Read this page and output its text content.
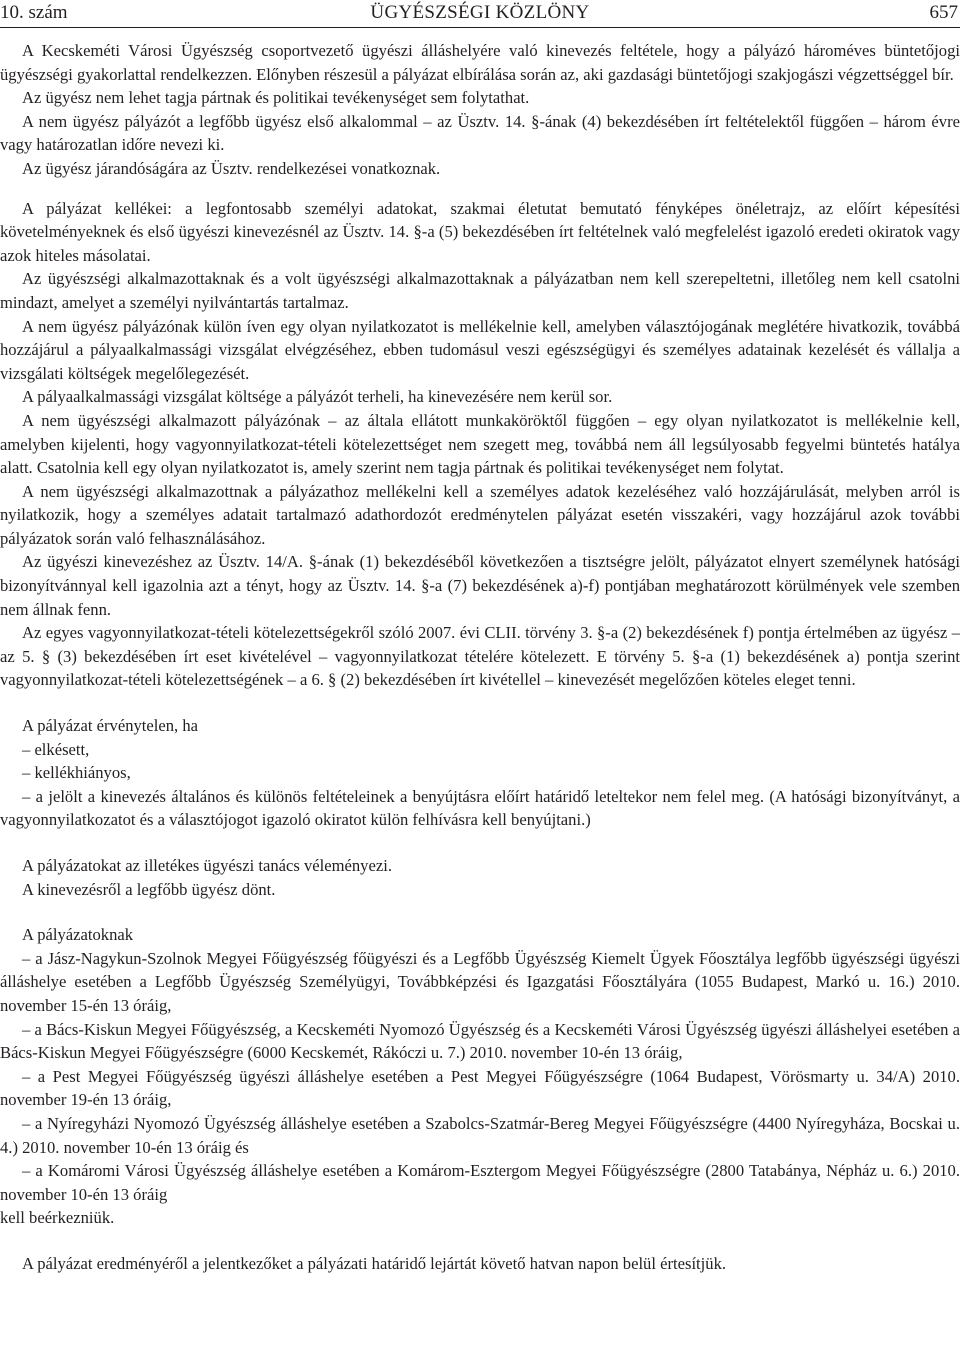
10. szám	ÜGYÉSZSÉGI KÖZLÖNY	657

A Kecskeméti Városi Ügyészség csoportvezető ügyészi álláshelyére való kinevezés feltétele, hogy a pályázó hároméves büntetőjogi ügyészségi gyakorlattal rendelkezzen. Előnyben részesül a pályázat elbírálása során az, aki gazdasági büntetőjogi szakjogászi végzettséggel bír.

Az ügyész nem lehet tagja pártnak és politikai tevékenységet sem folytathat.

A nem ügyész pályázót a legfőbb ügyész első alkalommal – az Üsztv. 14. §-ának (4) bekezdésében írt feltételektől függően – három évre vagy határozatlan időre nevezi ki.

Az ügyész járandóságára az Üsztv. rendelkezései vonatkoznak.

A pályázat kellékei: a legfontosabb személyi adatokat, szakmai életutat bemutató fényképes önéletrajz, az előírt képesítési követelményeknek és első ügyészi kinevezésnél az Üsztv. 14. §-a (5) bekezdésében írt feltételnek való megfelelést igazoló eredeti okiratok vagy azok hiteles másolatai.

Az ügyészségi alkalmazottaknak és a volt ügyészségi alkalmazottaknak a pályázatban nem kell szerepeltetni, illetőleg nem kell csatolni mindazt, amelyet a személyi nyilvántartás tartalmaz.

A nem ügyész pályázónak külön íven egy olyan nyilatkozatot is mellékelnie kell, amelyben választójogának meglétére hivatkozik, továbbá hozzájárul a pályaalkalmassági vizsgálat elvégzéséhez, ebben tudomásul veszi egészségügyi és személyes adatainak kezelését és vállalja a vizsgálati költségek megelőlegezését.

A pályaalkalmassági vizsgálat költsége a pályázót terheli, ha kinevezésére nem kerül sor.

A nem ügyészségi alkalmazott pályázónak – az általa ellátott munkaköröktől függően – egy olyan nyilatkozatot is mellékelnie kell, amelyben kijelenti, hogy vagyonnyilatkozat-tételi kötelezettséget nem szegett meg, továbbá nem áll legsúlyosabb fegyelmi büntetés hatálya alatt. Csatolnia kell egy olyan nyilatkozatot is, amely szerint nem tagja pártnak és politikai tevékenységet nem folytat.

A nem ügyészségi alkalmazottnak a pályázathoz mellékelni kell a személyes adatok kezeléséhez való hozzájárulását, melyben arról is nyilatkozik, hogy a személyes adatait tartalmazó adathordozót eredménytelen pályázat esetén visszakéri, vagy hozzájárul azok további pályázatok során való felhasználásához.

Az ügyészi kinevezéshez az Üsztv. 14/A. §-ának (1) bekezdéséből következően a tisztségre jelölt, pályázatot elnyert személynek hatósági bizonyítvánnyal kell igazolnia azt a tényt, hogy az Üsztv. 14. §-a (7) bekezdésének a)-f) pontjában meghatározott körülmények vele szemben nem állnak fenn.

Az egyes vagyonnyilatkozat-tételi kötelezettségekről szóló 2007. évi CLII. törvény 3. §-a (2) bekezdésének f) pontja értelmében az ügyész – az 5. § (3) bekezdésében írt eset kivételével – vagyonnyilatkozat tételére kötelezett. E törvény 5. §-a (1) bekezdésének a) pontja szerint vagyonnyilatkozat-tételi kötelezettségének – a 6. § (2) bekezdésében írt kivétellel – kinevezését megelőzően köteles eleget tenni.

A pályázat érvénytelen, ha

– elkésett,

– kellékhiányos,

– a jelölt a kinevezés általános és különös feltételeinek a benyújtásra előírt határidő leteltekor nem felel meg. (A hatósági bizonyítványt, a vagyonnyilatkozatot és a választójogot igazoló okiratot külön felhívásra kell benyújtani.)

A pályázatokat az illetékes ügyészi tanács véleményezi.

A kinevezésről a legfőbb ügyész dönt.

A pályázatoknak

– a Jász-Nagykun-Szolnok Megyei Főügyészség főügyészi és a Legfőbb Ügyészség Kiemelt Ügyek Főosztálya legfőbb ügyészségi ügyészi álláshelye esetében a Legfőbb Ügyészség Személyügyi, Továbbképzési és Igazgatási Főosztályára (1055 Budapest, Markó u. 16.) 2010. november 15-én 13 óráig,

– a Bács-Kiskun Megyei Főügyészség, a Kecskeméti Nyomozó Ügyészség és a Kecskeméti Városi Ügyészség ügyészi álláshelyei esetében a Bács-Kiskun Megyei Főügyészségre (6000 Kecskemét, Rákóczi u. 7.) 2010. november 10-én 13 óráig,

– a Pest Megyei Főügyészség ügyészi álláshelye esetében a Pest Megyei Főügyészségre (1064 Budapest, Vörösmarty u. 34/A) 2010. november 19-én 13 óráig,

– a Nyíregyházi Nyomozó Ügyészség álláshelye esetében a Szabolcs-Szatmár-Bereg Megyei Főügyészségre (4400 Nyíregyháza, Bocskai u. 4.) 2010. november 10-én 13 óráig és

– a Komáromi Városi Ügyészség álláshelye esetében a Komárom-Esztergom Megyei Főügyészségre (2800 Tatabánya, Népház u. 6.) 2010. november 10-én 13 óráig

kell beérkezniük.

A pályázat eredményéről a jelentkezőket a pályázati határidő lejártát követő hatvan napon belül értesítjük.
